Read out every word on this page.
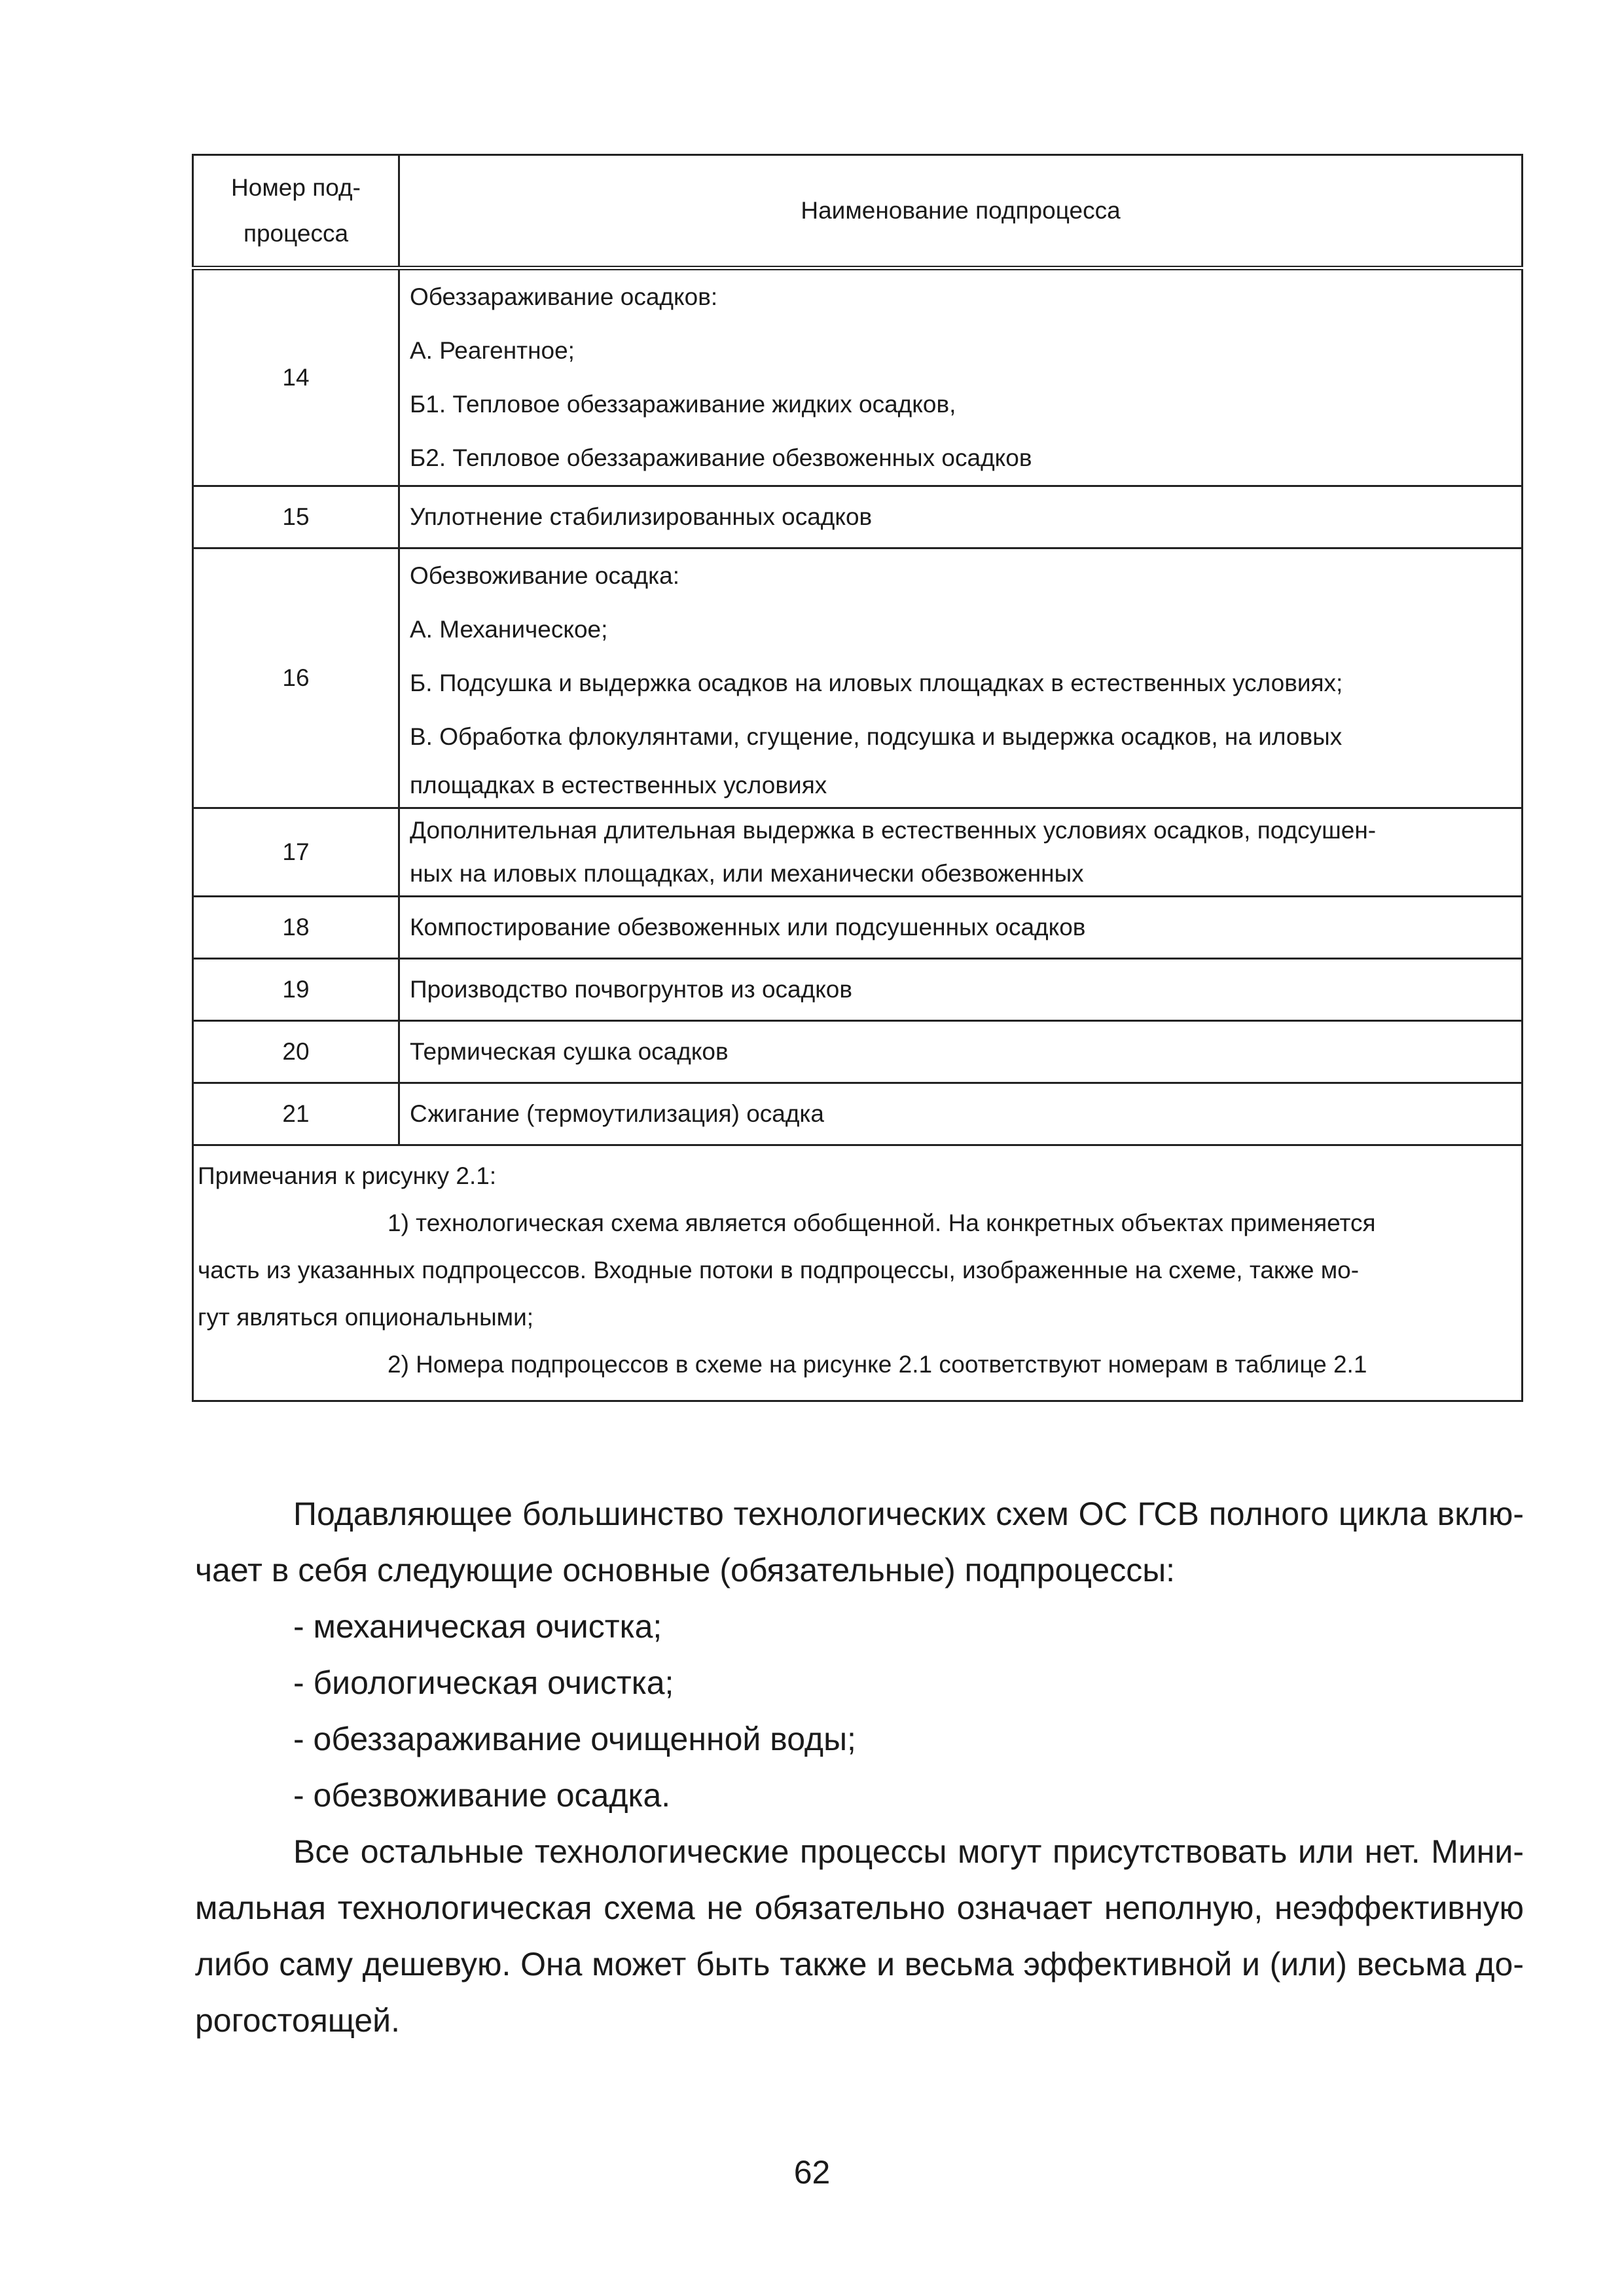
Номер под-
процесса	Наименование подпроцесса
14	Обеззараживание осадков:
А. Реагентное;
Б1. Тепловое обеззараживание жидких осадков,
Б2. Тепловое обеззараживание обезвоженных осадков

15	Уплотнение стабилизированных осадков
16	Обезвоживание осадка:
А. Механическое;
Б. Подсушка и выдержка осадков на иловых площадках в естественных условиях;
В. Обработка флокулянтами, сгущение, подсушка и выдержка осадков, на иловых
площадках в естественных условиях

17	Дополнительная длительная выдержка в естественных условиях осадков, подсушен-
ных на иловых площадках, или механически обезвоженных

18	Компостирование обезвоженных или подсушенных осадков
19	Производство почвогрунтов из осадков
20	Термическая сушка осадков
21	Сжигание (термоутилизация) осадка

Примечания к рисунку 2.1:
1) технологическая схема является обобщенной. На конкретных объектах применяется
часть из указанных подпроцессов. Входные потоки в подпроцессы, изображенные на схеме, также мо-
гут являться опциональными;
2) Номера подпроцессов в схеме на рисунке 2.1 соответствуют номерам в таблице 2.1	

Подавляющее большинство технологических схем ОС ГСВ полного цикла вклю-чает в себя следующие основные (обязательные) подпроцессы:

- механическая очистка;

- биологическая очистка;

- обеззараживание очищенной воды;

- обезвоживание осадка.

Все остальные технологические процессы могут присутствовать или нет. Мини-мальная технологическая схема не обязательно означает неполную, неэффективную либо саму дешевую. Она может быть также и весьма эффективной и (или) весьма до-рогостоящей.

62
